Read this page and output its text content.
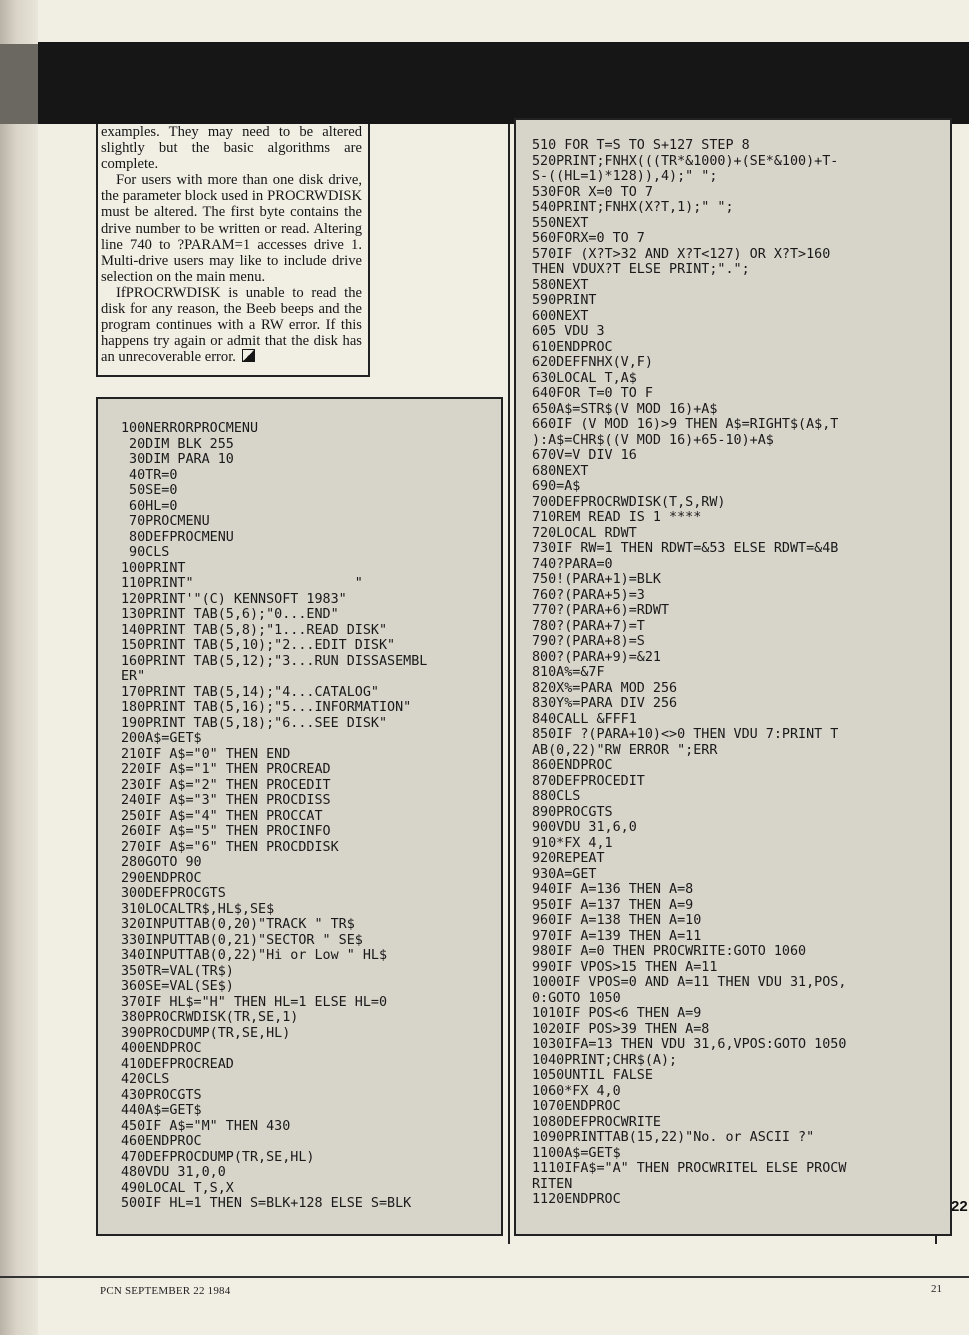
examples. They may need to be altered slightly but the basic algorithms are complete.

For users with more than one disk drive, the parameter block used in PROCRWDISK must be altered. The first byte contains the drive number to be written or read. Altering line 740 to ?PARAM=1 accesses drive 1. Multi-drive users may like to include drive selection on the main menu.

IfPROCRWDISK is unable to read the disk for any reason, the Beeb beeps and the program continues with a RW error. If this happens try again or admit that the disk has an unrecoverable error.

100NERRORPROCMENU
20DIM BLK 255
30DIM PARA 10
40TR=0
50SE=0
60HL=0
70PROCMENU
80DEFPROCMENU
90CLS
100PRINT
110PRINT"                    "
120PRINT'"(C) KENNSOFT 1983"
130PRINT TAB(5,6);"0...END"
140PRINT TAB(5,8);"1...READ DISK"
150PRINT TAB(5,10);"2...EDIT DISK"
160PRINT TAB(5,12);"3...RUN DISSASEMBL
ER"
170PRINT TAB(5,14);"4...CATALOG"
180PRINT TAB(5,16);"5...INFORMATION"
190PRINT TAB(5,18);"6...SEE DISK"
200A$=GET$
210IF A$="0" THEN END
220IF A$="1" THEN PROCREAD
230IF A$="2" THEN PROCEDIT
240IF A$="3" THEN PROCDISS
250IF A$="4" THEN PROCCAT
260IF A$="5" THEN PROCINFO
270IF A$="6" THEN PROCDDISK
280GOTO 90
290ENDPROC
300DEFPROCGTS
310LOCALTR$,HL$,SE$
320INPUTTAB(0,20)"TRACK " TR$
330INPUTTAB(0,21)"SECTOR " SE$
340INPUTTAB(0,22)"Hi or Low " HL$
350TR=VAL(TR$)
360SE=VAL(SE$)
370IF HL$="H" THEN HL=1 ELSE HL=0
380PROCRWDISK(TR,SE,1)
390PROCDUMP(TR,SE,HL)
400ENDPROC
410DEFPROCREAD
420CLS
430PROCGTS
440A$=GET$
450IF A$="M" THEN 430
460ENDPROC
470DEFPROCDUMP(TR,SE,HL)
480VDU 31,0,0
490LOCAL T,S,X
500IF HL=1 THEN S=BLK+128 ELSE S=BLK

510 FOR T=S TO S+127 STEP 8
520PRINT;FNHX(((TR*&1000)+(SE*&100)+T-
S-((HL=1)*128)),4);" ";
530FOR X=0 TO 7
540PRINT;FNHX(X?T,1);" ";
550NEXT
560FORX=0 TO 7
570IF (X?T>32 AND X?T<127) OR X?T>160
THEN VDUX?T ELSE PRINT;".";
580NEXT
590PRINT
600NEXT
605 VDU 3
610ENDPROC
620DEFFNHX(V,F)
630LOCAL T,A$
640FOR T=0 TO F
650A$=STR$(V MOD 16)+A$
660IF (V MOD 16)>9 THEN A$=RIGHT$(A$,T
):A$=CHR$((V MOD 16)+65-10)+A$
670V=V DIV 16
680NEXT
690=A$
700DEFPROCRWDISK(T,S,RW)
710REM READ IS 1 ****
720LOCAL RDWT
730IF RW=1 THEN RDWT=&53 ELSE RDWT=&4B
740?PARA=0
750!(PARA+1)=BLK
760?(PARA+5)=3
770?(PARA+6)=RDWT
780?(PARA+7)=T
790?(PARA+8)=S
800?(PARA+9)=&21
810A%=&7F
820X%=PARA MOD 256
830Y%=PARA DIV 256
840CALL &FFF1
850IF ?(PARA+10)<>0 THEN VDU 7:PRINT T
AB(0,22)"RW ERROR ";ERR
860ENDPROC
870DEFPROCEDIT
880CLS
890PROCGTS
900VDU 31,6,0
910*FX 4,1
920REPEAT
930A=GET
940IF A=136 THEN A=8
950IF A=137 THEN A=9
960IF A=138 THEN A=10
970IF A=139 THEN A=11
980IF A=0 THEN PROCWRITE:GOTO 1060
990IF VPOS>15 THEN A=11
1000IF VPOS=0 AND A=11 THEN VDU 31,POS,
0:GOTO 1050
1010IF POS<6 THEN A=9
1020IF POS>39 THEN A=8
1030IFA=13 THEN VDU 31,6,VPOS:GOTO 1050
1040PRINT;CHR$(A);
1050UNTIL FALSE
1060*FX 4,0
1070ENDPROC
1080DEFPROCWRITE
1090PRINTTAB(15,22)"No. or ASCII ?"
1100A$=GET$
1110IFA$="A" THEN PROCWRITEL ELSE PROCW
RITEN
1120ENDPROC	22
PCN SEPTEMBER 22 1984	21
